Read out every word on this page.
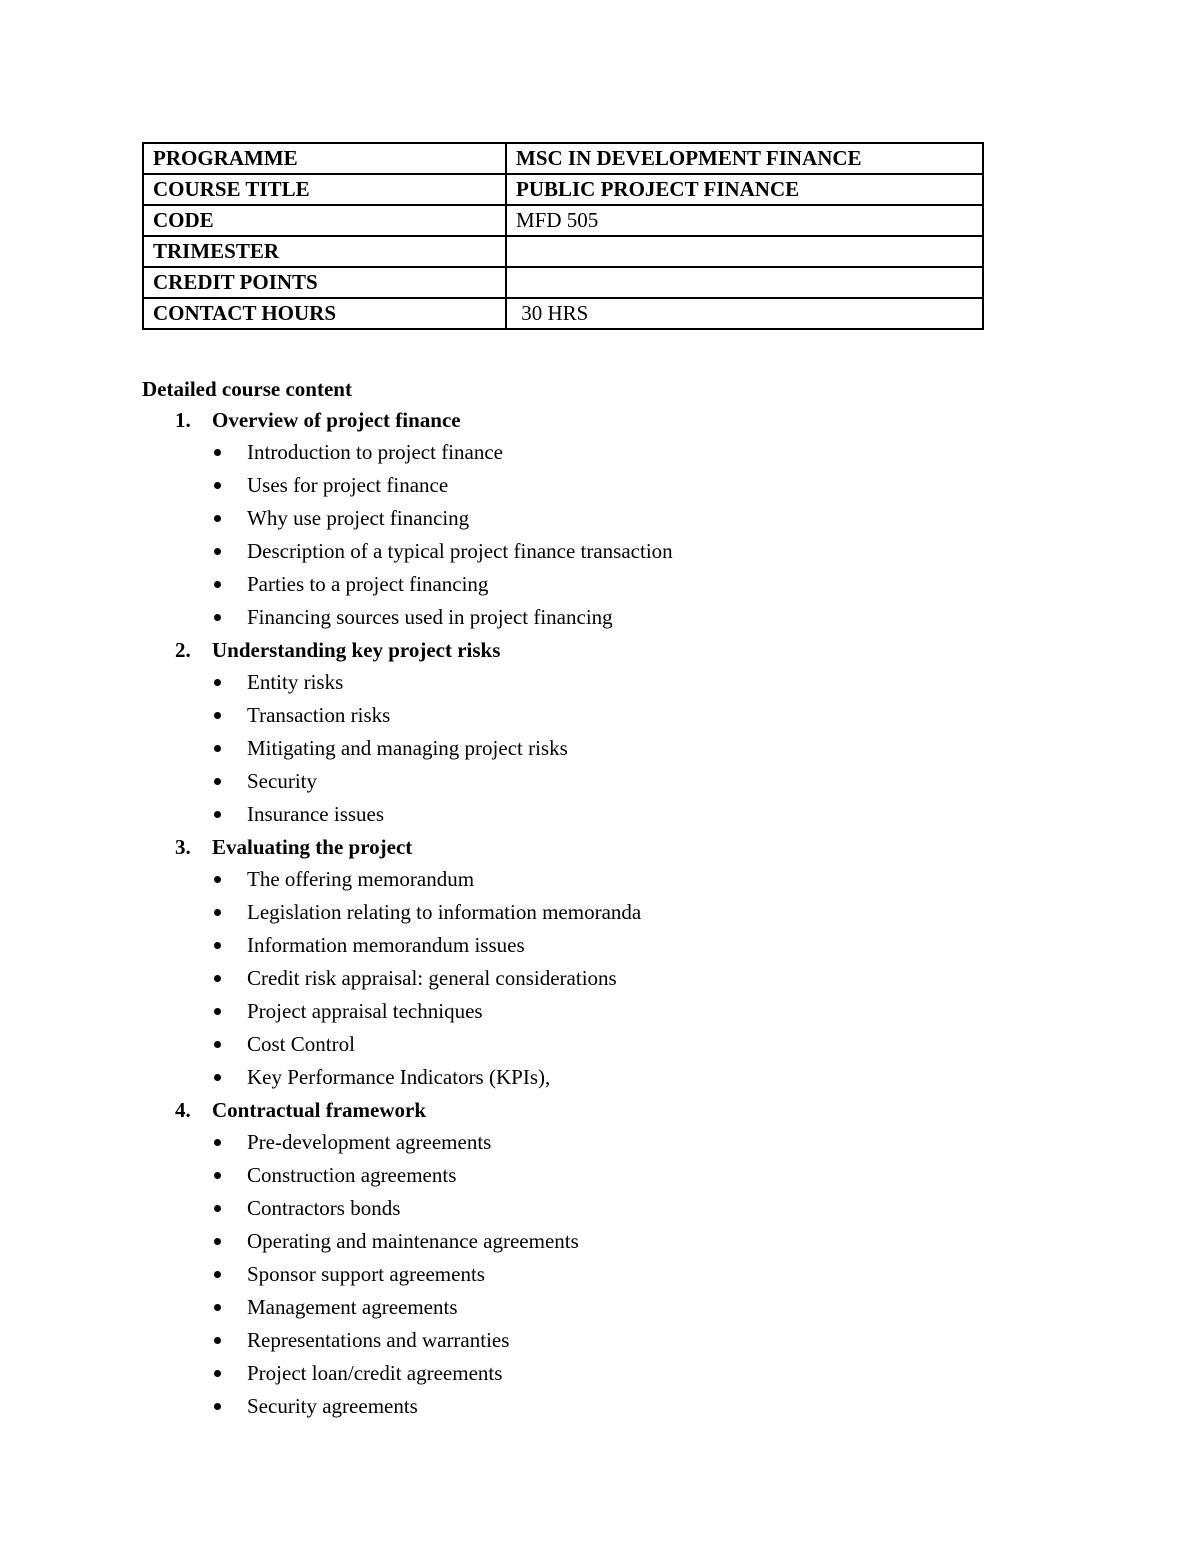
PROGRAMME	MSC IN DEVELOPMENT FINANCE
COURSE TITLE	PUBLIC PROJECT FINANCE
CODE	MFD 505
TRIMESTER	
CREDIT POINTS	
CONTACT HOURS	30 HRS
Detailed course content
1. Overview of project finance
Introduction to project finance
Uses for project finance
Why use project financing
Description of a typical project finance transaction
Parties to a project financing
Financing sources used in project financing
2. Understanding key project risks
Entity risks
Transaction risks
Mitigating and managing project risks
Security
Insurance issues
3. Evaluating the project
The offering memorandum
Legislation relating to information memoranda
Information memorandum issues
Credit risk appraisal: general considerations
Project appraisal techniques
Cost Control
Key Performance Indicators (KPIs),
4. Contractual framework
Pre-development agreements
Construction agreements
Contractors bonds
Operating and maintenance agreements
Sponsor support agreements
Management agreements
Representations and warranties
Project loan/credit agreements
Security agreements
